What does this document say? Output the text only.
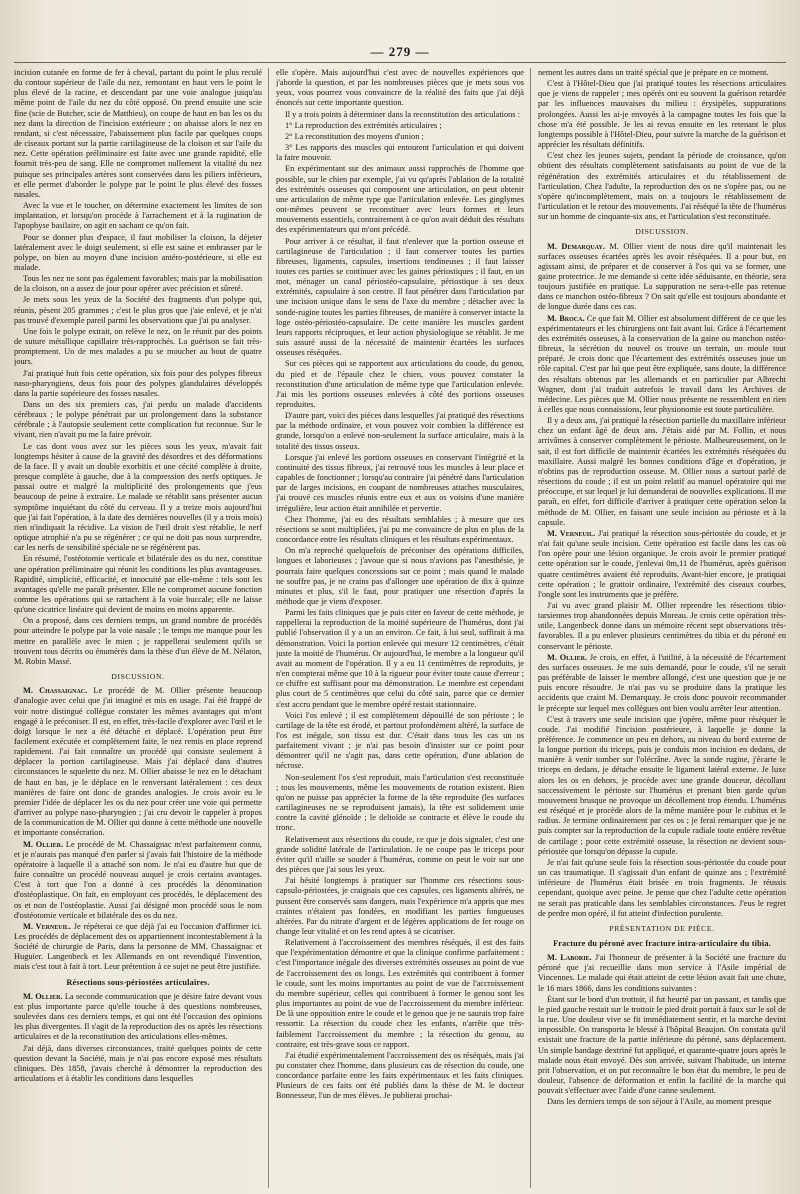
— 279 —

incision cutanée en forme de fer à cheval, partant du point le plus reculé du contour supérieur de l'aile du nez, remontant en haut vers le point le plus élevé de la racine, et descendant par une voie analogue jusqu'au même point de l'aile du nez du côté opposé. On prend ensuite une scie fine (scie de Butcher, scie de Matthieu), on coupe de haut en bas les os du nez dans la direction de l'incision extérieure ; on abaisse alors le nez en rendant, si c'est nécessaire, l'abaissement plus facile par quelques coups de ciseaux portant sur la partie cartilagineuse de la cloison et sur l'aile du nez. Cette opération préliminaire est faite avec une grande rapidité, elle fournit très-peu de sang. Elle ne compromet nullement la vitalité du nez puisque ses principales artères sont conservées dans les piliers inférieurs, et elle permet d'aborder le polype par le point le plus élevé des fosses nasales.

Avec la vue et le toucher, on détermine exactement les limites de son implantation, et lorsqu'on procède à l'arrachement et à la rugination de l'apophyse basilaire, on agit en sachant ce qu'on fait.

Pour se donner plus d'espace, il faut mobiliser la cloison, la déjeter latéralement avec le doigt seulement, si elle est saine et embrasser par le polype, on bien au moyen d'une incision antéro-postérieure, si elle est malade.

Tous les nez ne sont pas également favorables; mais par la mobilisation de la cloison, on a assez de jour pour opérer avec précision et sûreté.

Je mets sous les yeux de la Société des fragments d'un polype qui, réunis, pèsent 205 grammes ; c'est le plus gros que j'aie enlevé, et je n'ai pas trouvé d'exemple pareil parmi les observations que j'ai pu analyser.

Une fois le polype extrait, on relève le nez, on le réunit par des points de suture métallique capillaire très-rapprochés. La guérison se fait très-promptement. Un de mes malades a pu se moucher au bout de quatre jours.

J'ai pratiqué huit fois cette opération, six fois pour des polypes fibreux naso-pharyngiens, deux fois pour des polypes glandulaires développés dans la partie supérieure des fosses nasales.

Dans un des six premiers cas, j'ai perdu un malade d'accidents cérébraux ; le polype pénétrait par un prolongement dans la substance cérébrale ; à l'autopsie seulement cette complication fut reconnue. Sur le vivant, rien n'avait pu me la faire prévoir.

Le cas dont vous avez sur les pièces sous les yeux, m'avait fait longtemps hésiter à cause de la gravité des désordres et des déformations de la face. Il y avait un double exorbitis et une cécité complète à droite, presque complète à gauche, due à la compression des nerfs optiques. Je passai outre et malgré la multiplicité des prolongements que j'eus beaucoup de peine à extraire. Le malade se rétablit sans présenter aucun symptôme inquiétant du côté du cerveau. Il y a treize mois aujourd'hui que j'ai fait l'opération, à la date des dernières nouvelles (il y a trois mois) rien n'indiquait la récidive. La vision de l'œil droit s'est rétablie, le nerf optique atrophié n'a pu se régénérer ; ce qui ne doit pas nous surprendre, car les nerfs de sensibilité spéciale ne se régénèrent pas.

En résumé, l'ostéotomie verticale et bilatérale des os du nez, constitue une opération préliminaire qui réunit les conditions les plus avantageuses. Rapidité, simplicité, efficacité, et innocuité par elle-même : tels sont les avantages qu'elle me paraît présenter. Elle ne compromet aucune fonction comme les opérations qui se rattachent à la voie buccale; elle ne laisse qu'une cicatrice linéaire qui devient de moins en moins apparente.

On a proposé, dans ces derniers temps, un grand nombre de procédés pour atteindre le polype par la voie nasale ; le temps me manque pour les mettre en parallèle avec le mien ; je rappellerai seulement qu'ils se trouvent tous décrits ou énumérés dans la thèse d'un élève de M. Nélaton, M. Robin Massé.

DISCUSSION.

M. Chassaignac. Le procédé de M. Ollier présente beaucoup d'analogie avec celui que j'ai imaginé et mis en usage. J'ai été frappé de voir notre distingué collègue constater les mêmes avantages qui m'ont engagé à le préconiser. Il est, en effet, très-facile d'explorer avec l'œil et le doigt lorsque le nez a été détaché et déplacé. L'opération peut être facilement exécutée et complètement faite, le nez remis en place reprend rapidement. J'ai fait connaître un procédé qui consiste seulement à déplacer la portion cartilagineuse. Mais j'ai déplacé dans d'autres circonstances le squelette du nez. M. Ollier abaisse le nez en le détachant de haut en bas, je le déplace en le renversant latéralement : ces deux manières de faire ont donc de grandes analogies. Je crois avoir eu le premier l'idée de déplacer les os du nez pour créer une voie qui permette d'arriver au polype naso-pharyngien ; j'ai cru devoir le rappeler à propos de la communication de M. Ollier qui donne à cette méthode une nouvelle et importante consécration.

M. Ollier. Le procédé de M. Chassaignac m'est parfaitement connu, et je n'aurais pas manqué d'en parler si j'avais fait l'histoire de la méthode opératoire à laquelle il a attaché son nom. Je n'ai eu d'autre but que de faire connaître un procédé nouveau auquel je crois certains avantages. C'est à tort que l'on a donné à ces procédés la dénomination d'ostéoplastique. On fait, en employant ces procédés, le déplacement des os et non de l'ostéoplastie. Aussi j'ai désigné mon procédé sous le nom d'ostéotomie verticale et bilatérale des os du nez.

M. Verneuil. Je répéterai ce que déjà j'ai eu l'occasion d'affirmer ici. Les procédés de déplacement des os appartiennent incontestablement à la Société de chirurgie de Paris, dans la personne de MM. Chassaignac et Huguier. Langenbeck et les Allemands en ont revendiqué l'invention, mais c'est tout à fait à tort. Leur prétention à ce sujet ne peut être justifiée.

Résections sous-périostées articulaires.

M. Ollier. La seconde communication que je désire faire devant vous est plus importante parce qu'elle touche à des questions nombreuses, soulevées dans ces derniers temps, et qui ont été l'occasion des opinions les plus divergentes. Il s'agit de la reproduction des os après les résections articulaires et de la reconstitution des articulations elles-mêmes.

J'ai déjà, dans diverses circonstances, traité quelques points de cette question devant la Société, mais je n'ai pas encore exposé mes résultats cliniques. Dès 1858, j'avais cherché à démontrer la reproduction des articulations et à établir les conditions dans lesquelles

elle s'opère. Mais aujourd'hui c'est avec de nouvelles expériences que j'aborde la question, et par les nombreuses pièces que je mets sous vos yeux, vous pourrez vous convaincre de la réalité des faits que j'ai déjà énoncés sur cette importante question.

Il y a trois points à déterminer dans la reconstitution des articulations :

1° La reproduction des extrémités articulaires ;

2° La reconstitution des moyens d'union ;

3° Les rapports des muscles qui entourent l'articulation et qui doivent la faire mouvoir.

En expérimentant sur des animaux aussi rapprochés de l'homme que possible, sur le chien par exemple, j'ai vu qu'après l'ablation de la totalité des extrémités osseuses qui composent une articulation, on peut obtenir une articulation de même type que l'articulation enlevée. Les ginglymes ont-mêmes peuvent se reconstituer avec leurs formes et leurs mouvements essentiels, contrairement à ce qu'on avait déduit des résultats des expérimentateurs qui m'ont précédé.

Pour arriver à ce résultat, il faut n'enlever que la portion osseuse et cartilagineuse de l'articulation ; il faut conserver toutes les parties fibreuses, ligaments, capsules, insertions tendineuses ; il faut laisser toutes ces parties se continuer avec les gaines périostiques ; il faut, en un mot, ménager un canal périostéo-capsulaire, périostique à ses deux extrémités, capsulaire à son centre. Il faut pénétrer dans l'articulation par une incision unique dans le sens de l'axe du membre ; détacher avec la sonde-rugine toutes les parties fibreuses, de manière à conserver intacte la loge ostéo-périostéo-capsulaire. De cette manière les muscles gardent leurs rapports réciproques, et leur action physiologique se rétablit. Je me suis assuré aussi de la nécessité de maintenir écartées les surfaces osseuses réséquées.

Sur ces pièces qui se rapportent aux articulations du coude, du genou, du pied et de l'épaule chez le chien, vous pouvez constater la reconstitution d'une articulation de même type que l'articulation enlevée. J'ai mis les portions osseuses enlevées à côté des portions osseuses reproduites.

D'autre part, voici des pièces dans lesquelles j'ai pratiqué des résections par la méthode ordinaire, et vous pouvez voir combien la différence est grande, lorsqu'on a enlevé non-seulement la surface articulaire, mais à la totalité des tissus osseux.

Lorsque j'ai enlevé les portions osseuses en conservant l'intégrité et la continuité des tissus fibreux, j'ai retrouvé tous les muscles à leur place et capables de fonctionner ; lorsqu'au contraire j'ai pénétré dans l'articulation par de larges incisions, en coupant de nombreuses attaches musculaires, j'ai trouvé ces muscles réunis entre eux et aux os voisins d'une manière irrégulière, leur action était annihilée et pervertie.

Chez l'homme, j'ai eu des résultats semblables ; à mesure que ces résections se sont multipliées, j'ai pu me convaincre de plus en plus de la concordance entre les résultats cliniques et les résultats expérimentaux.

On m'a reproché quelquefois de préconiser des opérations difficiles, longues et laborieuses ; j'avoue que si nous n'avions pas l'anesthésie, je pourrais faire quelques concessions sur ce point ; mais quand le malade ne souffre pas, je ne crains pas d'allonger une opération de dix à quinze minutes et plus, s'il le faut, pour pratiquer une résection d'après la méthode que je viens d'exposer.

Parmi les faits cliniques que je puis citer en faveur de cette méthode, je rappellerai la reproduction de la moitié supérieure de l'humérus, dont j'ai publié l'observation il y a un an environ. Ce fait, à lui seul, suffirait à ma démonstration. Voici la portion enlevée qui mesure 12 centimètres, c'était juste la moitié de l'humérus. Or aujourd'hui, le membre a la longueur qu'il avait au moment de l'opération. Il y a eu 11 centimètres de reproduits, je n'en compterai même que 10 à la rigueur pour éviter toute cause d'erreur ; ce chiffre est suffisant pour ma démonstration. Le membre est cependant plus court de 5 centimètres que celui du côté sain, parce que ce dernier s'est accru pendant que le membre opéré restait stationnaire.

Voici l'os enlevé ; il est complètement dépouillé de son périoste ; le cartilage de la tête est érodé, et partout profondément altéré, la surface de l'os est inégale, son tissu est dur. C'était dans tous les cas un os parfaitement vivant ; je n'ai pas besoin d'insister sur ce point pour démontrer qu'il ne s'agit pas, dans cette opération, d'une ablation de nécrose.

Non-seulement l'os s'est reproduit, mais l'articulation s'est reconstituée ; tous les mouvements, même les mouvements de rotation existent. Bien qu'on ne puisse pas apprécier la forme de la tête reproduite (les surfaces cartilagineuses ne se reproduisent jamais), la tête est solidement unie contre la cavité glénoïde ; le deltoïde se contracte et élève le coude du tronc.

Relativement aux résections du coude, ce que je dois signaler, c'est une grande solidité latérale de l'articulation. Je ne coupe pas le triceps pour éviter qu'il n'aille se souder à l'humérus, comme on peut le voir sur une des pièces que j'ai sous les yeux.

J'ai hésité longtemps à pratiquer sur l'homme ces résections sous-capsulo-périostées, je craignais que ces capsules, ces ligaments altérés, ne pussent être conservés sans dangers, mais l'expérience m'a appris que mes craintes n'étaient pas fondées, en modifiant les parties fongueuses altérées. Par du nitrate d'argent et de légères applications de fer rouge on change leur vitalité et on les rend aptes à se cicatriser.

Relativement à l'accroissement des membres réséqués, il est des faits que l'expérimentation démontre et que la clinique confirme parfaitement : c'est l'importance inégale des diverses extrémités osseuses au point de vue de l'accroissement des os longs. Les extrémités qui contribuent à former le coude, sont les moins importantes au point de vue de l'accroissement du membre supérieur, celles qui contribuent à former le genou sont les plus importantes au point de vue de l'accroissement du membre inférieur. De là une opposition entre le coude et le genou que je ne saurais trop faire ressortir. La résection du coude chez les enfants, n'arrête que très-faiblement l'accroissement du membre ; la résection du genou, au contraire, est très-grave sous ce rapport.

J'ai étudié expérimentalement l'accroissement des os réséqués, mais j'ai pu constater chez l'homme, dans plusieurs cas de résection du coude, une concordance parfaite entre les faits expérimentaux et les faits cliniques. Plusieurs de ces faits ont été publiés dans la thèse de M. le docteur Bonnesseur, l'un de mes élèves. Je publierai prochai-

nement les autres dans un traité spécial que je prépare en ce moment.

C'est à l'Hôtel-Dieu que j'ai pratiqué toutes les résections articulaires que je viens de rappeler ; mes opérés ont eu souvent la guérison retardée par les influences mauvaises du milieu : érysipèles, suppurations prolongées. Aussi les ai-je envoyés à la campagne toutes les fois que la chose m'a été possible. Je les ai revus ensuite en les retenant le plus longtemps possible à l'Hôtel-Dieu, pour suivre la marche de la guérison et apprécier les résultats définitifs.

C'est chez les jeunes sujets, pendant la période de croissance, qu'on obtient des résultats complètement satisfaisants au point de vue de la régénération des extrémités articulaires et du rétablissement de l'articulation. Chez l'adulte, la reproduction des os ne s'opère pas, ou ne s'opère qu'incomplètement, mais on a toujours le rétablissement de l'articulation et le retour des mouvements. J'ai réséqué la tête de l'humérus sur un homme de cinquante-six ans, et l'articulation s'est reconstituée.

DISCUSSION.

M. Demarquay. M. Ollier vient de nous dire qu'il maintenait les surfaces osseuses écartées après les avoir réséquées. Il a pour but, en agissant ainsi, de préparer et de conserver à l'os qui va se former, une gaine protectrice. Je me demande si cette idée séduisante, en théorie, sera toujours justifiée en pratique. La suppuration ne sera-t-elle pas retenue dans ce manchon ostéo-fibreux ? On sait qu'elle est toujours abondante et de longue durée dans ces cas.

M. Broca. Ce que fait M. Ollier est absolument différent de ce que les expérimentateurs et les chirurgiens ont fait avant lui. Grâce à l'écartement des extrémités osseuses, à la conservation de la gaine ou manchon ostéo-fibreux, la sécrétion du nouvel os trouve un terrain, un moule tout préparé. Je crois donc que l'écartement des extrémités osseuses joue un rôle capital. C'est par lui que peut être expliquée, sans doute, la différence des résultats obtenus par les allemands et en particulier par Albrecht Wagner, dont j'ai traduit autrefois le travail dans les Archives de médecine. Les pièces que M. Ollier nous présente ne ressemblent en rien à celles que nous connaissions, leur physionomie est toute particulière.

Il y a deux ans, j'ai pratiqué la résection partielle du maxillaire inférieur chez un enfant âgé de deux ans. J'étais aidé par M. Follin, et nous arrivâmes à conserver complètement le périoste. Malheureusement, on le sait, il est fort difficile de maintenir écartées les extrémités réséquées du maxillaire. Aussi malgré les bonnes conditions d'âge et d'opération, je n'obtins pas de reproduction osseuse. M. Ollier nous a surtout parlé de résections du coude ; il est un point relatif au manuel opératoire qui me préoccupe, et sur lequel je lui demanderai de nouvelles explications. Il me paraît, en effet, fort difficile d'arriver à pratiquer cette opération selon la méthode de M. Ollier, en faisant une seule incision au périoste et à la capsule.

M. Verneuil. J'ai pratiqué la résection sous-périostée du coude, et je n'ai fait qu'une seule incision. Cette opération est facile dans les cas où l'on opère pour une lésion organique. Je crois avoir le premier pratiqué cette opération sur le coude, j'enlevai 0m,11 de l'humérus, après guérison quatre centimètres avaient été reproduits. Avant-hier encore, je pratiquai cette opération ; le grattoir ordinaire, l'extrémité des ciseaux courbes, l'ongle sont les instruments que je préfère.

J'ai vu avec grand plaisir M. Ollier reprendre les résections tibio-tarsiennes trop abandonnées depuis Moreau. Je crois cette opération très-utile, Langenbeck donne dans un mémoire récent sept observations très-favorables. Il a pu enlever plusieurs centimètres du tibia et du péroné en conservant le périoste.

M. Ollier. Je crois, en effet, à l'utilité, à la nécessité de l'écartement des surfaces osseuses. Je me suis demandé, pour le coude, s'il ne serait pas préférable de laisser le membre allongé, c'est une question que je ne puis encore résoudre. Je n'ai pas vu se produire dans la pratique les accidents que craint M. Demarquay. Je crois donc pouvoir recommander le précepte sur lequel mes collègues ont bien voulu arrêter leur attention.

C'est à travers une seule incision que j'opère, même pour réséquer le coude. J'ai modifié l'incision postérieure, à laquelle je donne la préférence. Je commence un peu en dehors, au niveau du bord externe de la longue portion du triceps, puis je conduis mon incision en dedans, de manière à venir tomber sur l'olécrâne. Avec la sonde rugine, j'écarte le triceps en dedans, je détache ensuite le ligament latéral externe. Je luxe alors les os en dehors, je procède avec une grande douceur, décollant successivement le périoste sur l'humérus et prenant bien garde qu'un mouvement brusque ne provoque un décollement trop étendu. L'humérus est réséqué et je procède alors de la même manière pour le cubitus et le radius. Je termine ordinairement par ces os ; je ferai remarquer que je ne puis compter sur la reproduction de la cupule radiale toute entière revêtue de cartilage ; pour cette extrémité osseuse, la résection ne devient sous-périostée que lorsqu'on dépasse la cupule.

Je n'ai fait qu'une seule fois la résection sous-périostée du coude pour un cas traumatique. Il s'agissait d'un enfant de quinze ans ; l'extrémité inférieure de l'humérus était brisée en trois fragments. Je réussis cependant, quoique avec peine. Je pense que chez l'adulte cette opération ne serait pas praticable dans les semblables circonstances. J'eus le regret de perdre mon opéré, il fut atteint d'infection purulente.

PRÉSENTATION DE PIÈCE.
Fracture du péroné avec fracture intra-articulaire du tibia.

M. Laborie. J'ai l'honneur de présenter à la Société une fracture du péroné que j'ai recueillie dans mon service à l'Asile impérial de Vincennes. Le malade qui était atteint de cette lésion avait fait une chute, le 16 mars 1866, dans les conditions suivantes :

Étant sur le bord d'un trottoir, il fut heurté par un passant, et tandis que le pied gauche restait sur le trottoir le pied droit portait à faux sur le sol de la rue. Une douleur vive se fit immédiatement sentir, et la marche devint impossible. On transporta le blessé à l'hôpital Beaujon. On constata qu'il existait une fracture de la partie inférieure du péroné, sans déplacement. Un simple bandage dextriné fut appliqué, et quarante-quatre jours après le malade nous était envoyé. Dès son arrivée, suivant l'habitude, un interne prit l'observation, et on put reconnaître le bon état du membre, le peu de douleur, l'absence de déformation et enfin la facilité de la marche qui pouvait s'effectuer avec l'aide d'une canne seulement.

Dans les derniers temps de son séjour à l'Asile, au moment presque
